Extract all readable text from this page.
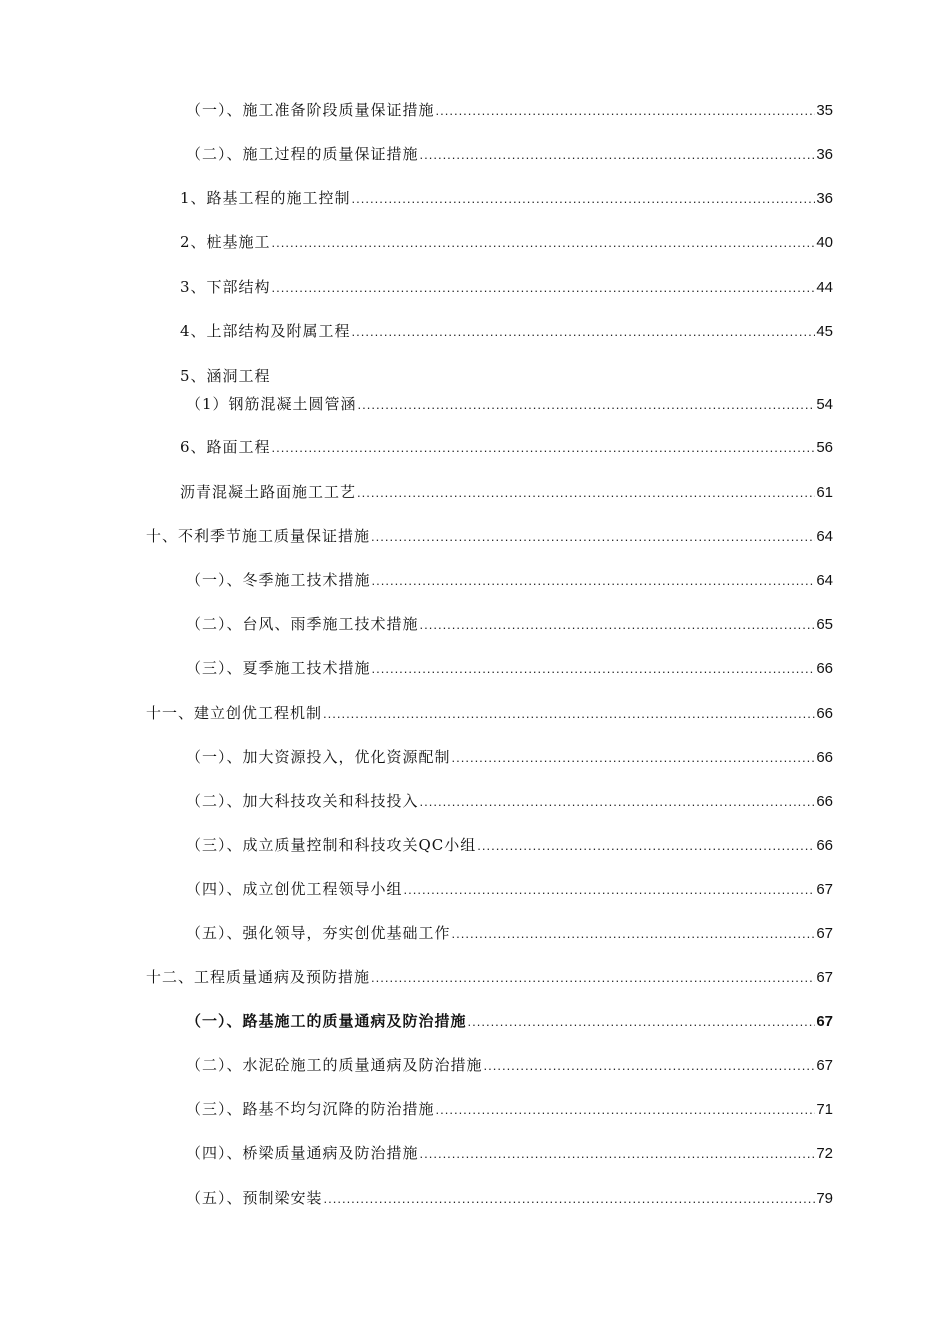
（一）、施工准备阶段质量保证措施 .....	35
（二）、施工过程的质量保证措施 .....	36
1、路基工程的施工控制 .....	36
2、桩基施工 .....	40
3、下部结构 .....	44
4、上部结构及附属工程 .....	45
5、涵洞工程
（1）钢筋混凝土圆管涵 .....	54
6、路面工程 .....	56
沥青混凝土路面施工工艺 .....	61
十、不利季节施工质量保证措施 .....	64
（一）、冬季施工技术措施 .....	64
（二）、台风、雨季施工技术措施 .....	65
（三）、夏季施工技术措施 .....	66
十一、建立创优工程机制 .....	66
（一）、加大资源投入，优化资源配制 .....	66
（二）、加大科技攻关和科技投入 .....	66
（三）、成立质量控制和科技攻关QC小组 .....	66
（四）、成立创优工程领导小组 .....	67
（五）、强化领导，夯实创优基础工作 .....	67
十二、工程质量通病及预防措施 .....	67
（一）、路基施工的质量通病及防治措施 .....	67
（二）、水泥砼施工的质量通病及防治措施 .....	67
（三）、路基不均匀沉降的防治措施 .....	71
（四）、桥梁质量通病及防治措施 .....	72
（五）、预制梁安装 .....	79
